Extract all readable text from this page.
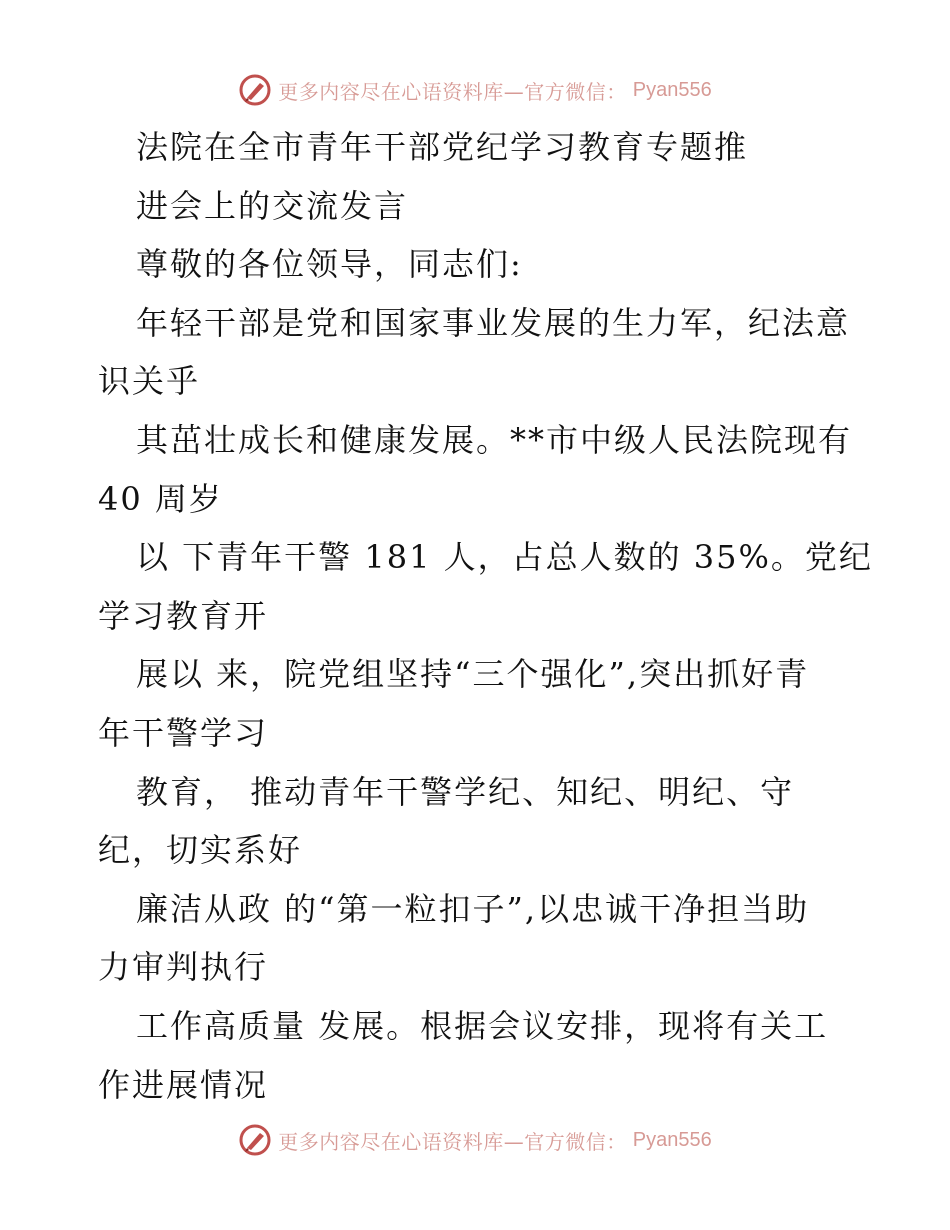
更多内容尽在心语资料库—官方微信： Pyan556
法院在全市青年干部党纪学习教育专题推
进会上的交流发言
尊敬的各位领导，同志们:
年轻干部是党和国家事业发展的生力军，纪法意
识关乎
其茁壮成长和健康发展。**市中级人民法院现有
40 周岁
以 下青年干警 181 人，占总人数的 35%。党纪
学习教育开
展以 来，院党组坚持“三个强化”,突出抓好青
年干警学习
教育， 推动青年干警学纪、知纪、明纪、守
纪，切实系好
廉洁从政 的“第一粒扣子”,以忠诚干净担当助
力审判执行
工作高质量 发展。根据会议安排，现将有关工
作进展情况
更多内容尽在心语资料库—官方微信： Pyan556
